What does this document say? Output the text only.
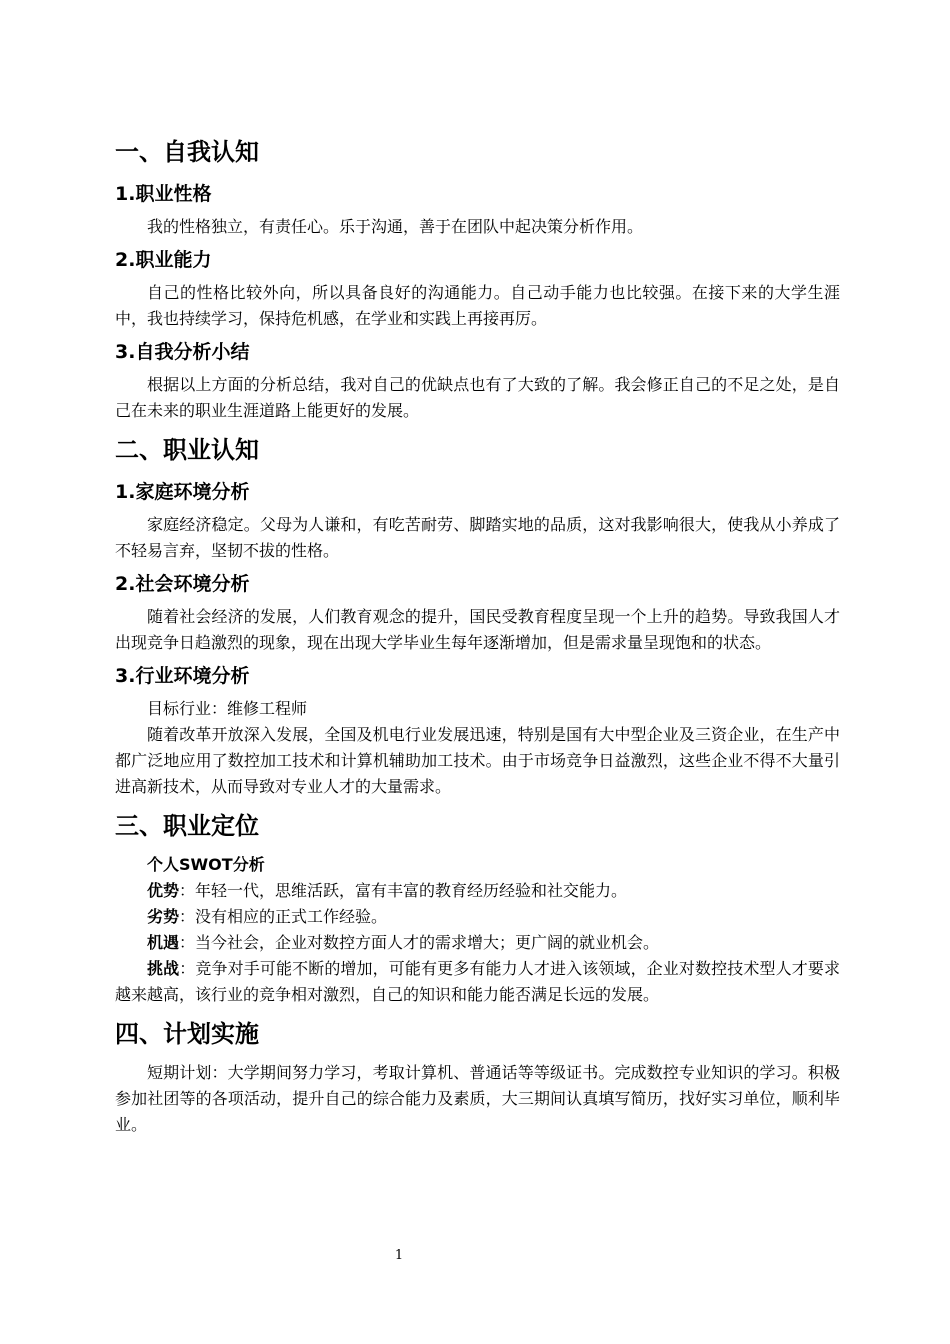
一、自我认知
1.职业性格
我的性格独立，有责任心。乐于沟通，善于在团队中起决策分析作用。
2.职业能力
自己的性格比较外向，所以具备良好的沟通能力。自己动手能力也比较强。在接下来的大学生涯中，我也持续学习，保持危机感，在学业和实践上再接再厉。
3.自我分析小结
根据以上方面的分析总结，我对自己的优缺点也有了大致的了解。我会修正自己的不足之处，是自己在未来的职业生涯道路上能更好的发展。
二、职业认知
1.家庭环境分析
家庭经济稳定。父母为人谦和，有吃苦耐劳、脚踏实地的品质，这对我影响很大，使我从小养成了不轻易言弃，坚韧不拔的性格。
2.社会环境分析
随着社会经济的发展，人们教育观念的提升，国民受教育程度呈现一个上升的趋势。导致我国人才出现竞争日趋激烈的现象，现在出现大学毕业生每年逐渐增加，但是需求量呈现饱和的状态。
3.行业环境分析
目标行业：维修工程师
随着改革开放深入发展，全国及机电行业发展迅速，特别是国有大中型企业及三资企业，在生产中都广泛地应用了数控加工技术和计算机辅助加工技术。由于市场竞争日益激烈，这些企业不得不大量引进高新技术，从而导致对专业人才的大量需求。
三、职业定位
个人SWOT分析
优势：年轻一代，思维活跃，富有丰富的教育经历经验和社交能力。
劣势：没有相应的正式工作经验。
机遇：当今社会，企业对数控方面人才的需求增大；更广阔的就业机会。
挑战：竞争对手可能不断的增加，可能有更多有能力人才进入该领域，企业对数控技术型人才要求越来越高，该行业的竞争相对激烈，自己的知识和能力能否满足长远的发展。
四、计划实施
短期计划：大学期间努力学习，考取计算机、普通话等等级证书。完成数控专业知识的学习。积极参加社团等的各项活动，提升自己的综合能力及素质，大三期间认真填写简历，找好实习单位，顺利毕业。
1
